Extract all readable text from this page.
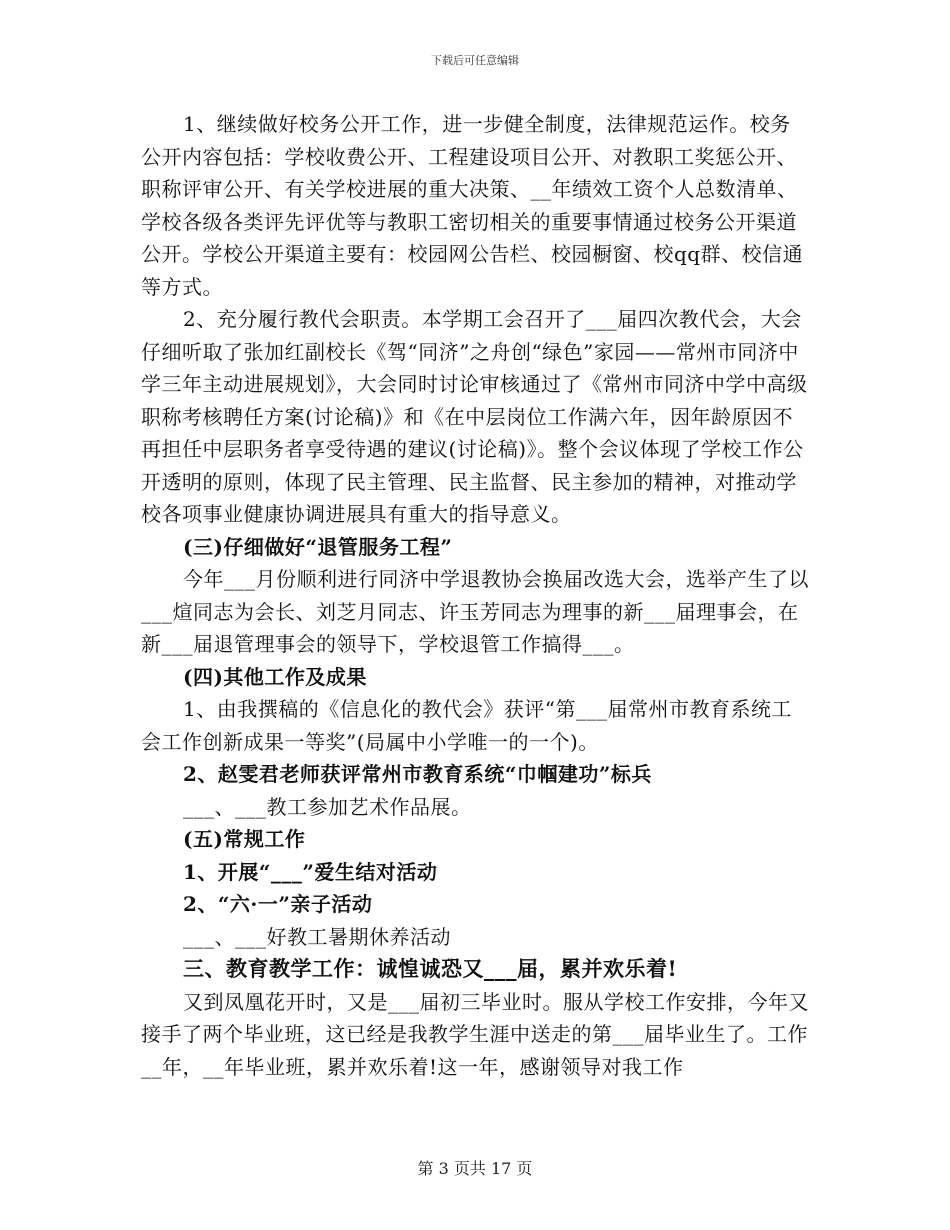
下载后可任意编辑

1、继续做好校务公开工作，进一步健全制度，法律规范运作。校务公开内容包括：学校收费公开、工程建设项目公开、对教职工奖惩公开、职称评审公开、有关学校进展的重大决策、__年绩效工资个人总数清单、学校各级各类评先评优等与教职工密切相关的重要事情通过校务公开渠道公开。学校公开渠道主要有：校园网公告栏、校园橱窗、校qq群、校信通等方式。

2、充分履行教代会职责。本学期工会召开了___届四次教代会，大会仔细听取了张加红副校长《驾“同济”之舟创“绿色”家园——常州市同济中学三年主动进展规划》，大会同时讨论审核通过了《常州市同济中学中高级职称考核聘任方案(讨论稿)》和《在中层岗位工作满六年，因年龄原因不再担任中层职务者享受待遇的建议(讨论稿)》。整个会议体现了学校工作公开透明的原则，体现了民主管理、民主监督、民主参加的精神，对推动学校各项事业健康协调进展具有重大的指导意义。

(三)仔细做好“退管服务工程”

今年___月份顺利进行同济中学退教协会换届改选大会，选举产生了以___煊同志为会长、刘芝月同志、许玉芳同志为理事的新___届理事会，在新___届退管理事会的领导下，学校退管工作搞得___。

(四)其他工作及成果

1、由我撰稿的《信息化的教代会》获评“第___届常州市教育系统工会工作创新成果一等奖”(局属中小学唯一的一个)。

2、赵雯君老师获评常州市教育系统“巾帼建功”标兵

___、___教工参加艺术作品展。

(五)常规工作

1、开展“___”爱生结对活动

2、“六·一”亲子活动

___、___好教工暑期休养活动

三、教育教学工作：诚惶诚恐又___届，累并欢乐着!

又到凤凰花开时，又是___届初三毕业时。服从学校工作安排，今年又接手了两个毕业班，这已经是我教学生涯中送走的第___届毕业生了。工作__年，__年毕业班，累并欢乐着!这一年，感谢领导对我工作

第 3 页共 17 页
